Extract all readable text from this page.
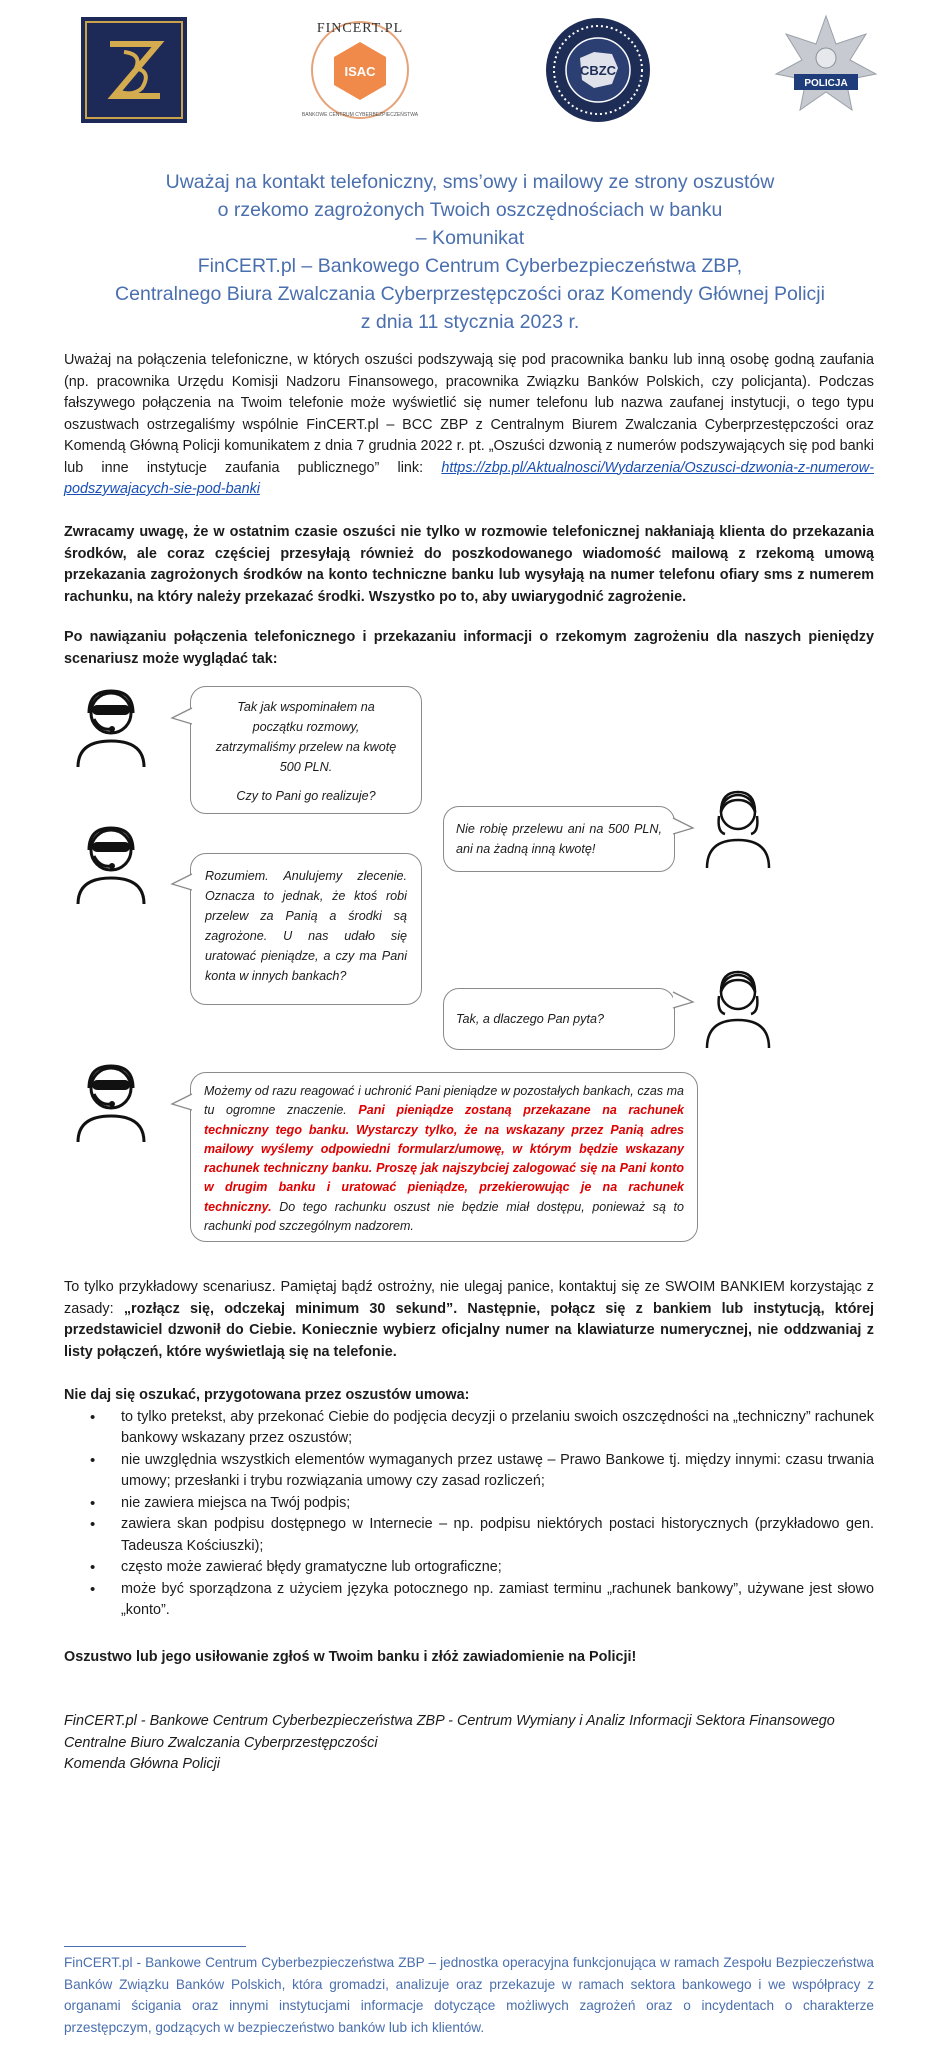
ISAC
FINCERT.PL
BANKOWE CENTRUM CYBERBEZPIECZEŃSTWA
CBZC
POLICJA
Uważaj na kontakt telefoniczny, sms’owy i mailowy ze strony oszustów
o rzekomo zagrożonych Twoich oszczędnościach w banku
– Komunikat
FinCERT.pl – Bankowego Centrum Cyberbezpieczeństwa ZBP,
Centralnego Biura Zwalczania Cyberprzestępczości oraz Komendy Głównej Policji
z dnia 11 stycznia 2023 r.
Uważaj na połączenia telefoniczne, w których oszuści podszywają się pod pracownika banku lub inną osobę godną zaufania (np. pracownika Urzędu Komisji Nadzoru Finansowego, pracownika Związku Banków Polskich, czy policjanta). Podczas fałszywego połączenia na Twoim telefonie może wyświetlić się numer telefonu lub nazwa zaufanej instytucji, o tego typu oszustwach ostrzegaliśmy wspólnie FinCERT.pl – BCC ZBP z Centralnym Biurem Zwalczania Cyberprzestępczości oraz Komendą Główną Policji komunikatem z dnia 7 grudnia 2022 r. pt. „Oszuści dzwonią z numerów podszywających się pod banki lub inne instytucje zaufania publicznego” link: https://zbp.pl/Aktualnosci/Wydarzenia/Oszusci-dzwonia-z-numerow-podszywajacych-sie-pod-banki
Zwracamy uwagę, że w ostatnim czasie oszuści nie tylko w rozmowie telefonicznej nakłaniają klienta do przekazania środków, ale coraz częściej przesyłają również do poszkodowanego wiadomość mailową z rzekomą umową przekazania zagrożonych środków na konto techniczne banku lub wysyłają na numer telefonu ofiary sms z numerem rachunku, na który należy przekazać środki. Wszystko po to, aby uwiarygodnić zagrożenie.
Po nawiązaniu połączenia telefonicznego i przekazaniu informacji o rzekomym zagrożeniu dla naszych pieniędzy scenariusz może wyglądać tak:
Tak jak wspominałem na
początku rozmowy,
zatrzymaliśmy przelew na kwotę
500 PLN.
Czy to Pani go realizuje?
Nie robię przelewu ani na 500 PLN, ani na żadną inną kwotę!
Rozumiem. Anulujemy zlecenie. Oznacza to jednak, że ktoś robi przelew za Panią a środki są zagrożone. U nas udało się uratować pieniądze, a czy ma Pani konta w innych bankach?
Tak, a dlaczego Pan pyta?
Możemy od razu reagować i uchronić Pani pieniądze w pozostałych bankach, czas ma tu ogromne znaczenie. Pani pieniądze zostaną przekazane na rachunek techniczny tego banku. Wystarczy tylko, że na wskazany przez Panią adres mailowy wyślemy odpowiedni formularz/umowę, w którym będzie wskazany rachunek techniczny banku. Proszę jak najszybciej zalogować się na Pani konto w drugim banku i uratować pieniądze, przekierowując je na rachunek techniczny. Do tego rachunku oszust nie będzie miał dostępu, ponieważ są to rachunki pod szczególnym nadzorem.
To tylko przykładowy scenariusz. Pamiętaj bądź ostrożny, nie ulegaj panice, kontaktuj się ze SWOIM BANKIEM korzystając z zasady: „rozłącz się, odczekaj minimum 30 sekund”. Następnie, połącz się z bankiem lub instytucją, której przedstawiciel dzwonił do Ciebie. Koniecznie wybierz oficjalny numer na klawiaturze numerycznej, nie oddzwaniaj z listy połączeń, które wyświetlają się na telefonie.
Nie daj się oszukać, przygotowana przez oszustów umowa:
• to tylko pretekst, aby przekonać Ciebie do podjęcia decyzji o przelaniu swoich oszczędności na „techniczny” rachunek bankowy wskazany przez oszustów;
• nie uwzględnia wszystkich elementów wymaganych przez ustawę – Prawo Bankowe tj. między innymi: czasu trwania umowy; przesłanki i trybu rozwiązania umowy czy zasad rozliczeń;
• nie zawiera miejsca na Twój podpis;
• zawiera skan podpisu dostępnego w Internecie – np. podpisu niektórych postaci historycznych (przykładowo gen. Tadeusza Kościuszki);
• często może zawierać błędy gramatyczne lub ortograficzne;
• może być sporządzona z użyciem języka potocznego np. zamiast terminu „rachunek bankowy”, używane jest słowo „konto”.
Oszustwo lub jego usiłowanie zgłoś w Twoim banku i złóż zawiadomienie na Policji!
FinCERT.pl - Bankowe Centrum Cyberbezpieczeństwa ZBP - Centrum Wymiany i Analiz Informacji Sektora Finansowego
Centralne Biuro Zwalczania Cyberprzestępczości
Komenda Główna Policji
FinCERT.pl - Bankowe Centrum Cyberbezpieczeństwa ZBP – jednostka operacyjna funkcjonująca w ramach Zespołu Bezpieczeństwa Banków Związku Banków Polskich, która gromadzi, analizuje oraz przekazuje w ramach sektora bankowego i we współpracy z organami ścigania oraz innymi instytucjami informacje dotyczące możliwych zagrożeń oraz o incydentach o charakterze przestępczym, godzących w bezpieczeństwo banków lub ich klientów.
